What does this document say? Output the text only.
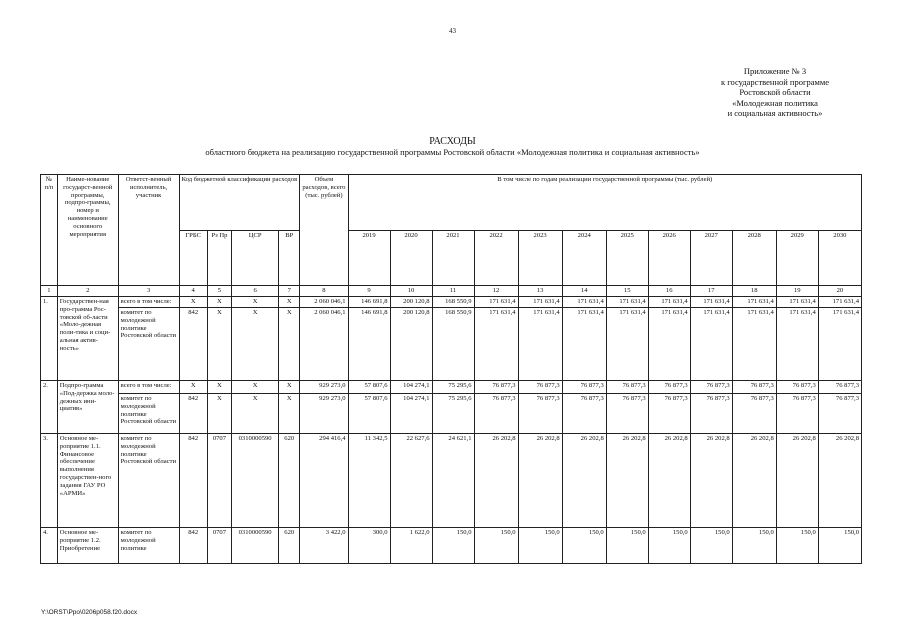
43
Приложение № 3
к государственной программе
Ростовской области
«Молодежная политика
и социальная активность»
РАСХОДЫ
областного бюджета на реализацию государственной программы Ростовской области «Молодежная политика и социальная активность»
№ п/п	Наиме-нование государст-венной программы, подпро-граммы, номер и наименование основного мероприятия	Ответст-венный исполнитель, участник	Код бюджетной классификации расходов				Объем расходов, всего (тыс. рублей)	В том числе по годам реализации государственной программы (тыс. рублей)											
			ГРБС	Рз Пр	ЦСР	ВР		2019	2020	2021	2022	2023	2024	2025	2026	2027	2028	2029	2030
1	2	3	4	5	6	7	8	9	10	11	12	13	14	15	16	17	18	19	20
1.	Государствен-ная про-грамма Рос-товской об-ласти «Моло-дежная поли-тика и соци-альная актив-ность»	всего в том числе:	X	X	X	X	2 060 046,1	146 691,8	200 120,8	168 550,9	171 631,4	171 631,4	171 631,4	171 631,4	171 631,4	171 631,4	171 631,4	171 631,4	171 631,4
		комитет по молодежной политике Ростовской области	842	X	X	X	2 060 046,1	146 691,8	200 120,8	168 550,9	171 631,4	171 631,4	171 631,4	171 631,4	171 631,4	171 631,4	171 631,4	171 631,4	171 631,4
2.	Подпро-грамма «Под-держка моло-дежных ини-циатив»	всего в том числе:	X	X	X	X	929 273,0	57 807,6	104 274,1	75 295,6	76 877,3	76 877,3	76 877,3	76 877,3	76 877,3	76 877,3	76 877,3	76 877,3	76 877,3
		комитет по молодежной политике Ростовской области	842	X	X	X	929 273,0	57 807,6	104 274,1	75 295,6	76 877,3	76 877,3	76 877,3	76 877,3	76 877,3	76 877,3	76 877,3	76 877,3	76 877,3
3.	Основное ме-роприятие 1.1. Финансовое обеспечение выполнения государствен-ного задания ГАУ РО «АРМИ»	комитет по молодежной политике Ростовской области	842	0707	0310000590	620	294 416,4	11 342,5	22 627,6	24 621,1	26 202,8	26 202,8	26 202,8	26 202,8	26 202,8	26 202,8	26 202,8	26 202,8	26 202,8
4.	Основное ме-роприятие 1.2. Приобретение	комитет по молодежной политике	842	0707	0310000590	620	3 422,0	300,0	1 622,0	150,0	150,0	150,0	150,0	150,0	150,0	150,0	150,0	150,0	150,0
Y:\ORST\Ppo\0206p058.f20.docx
